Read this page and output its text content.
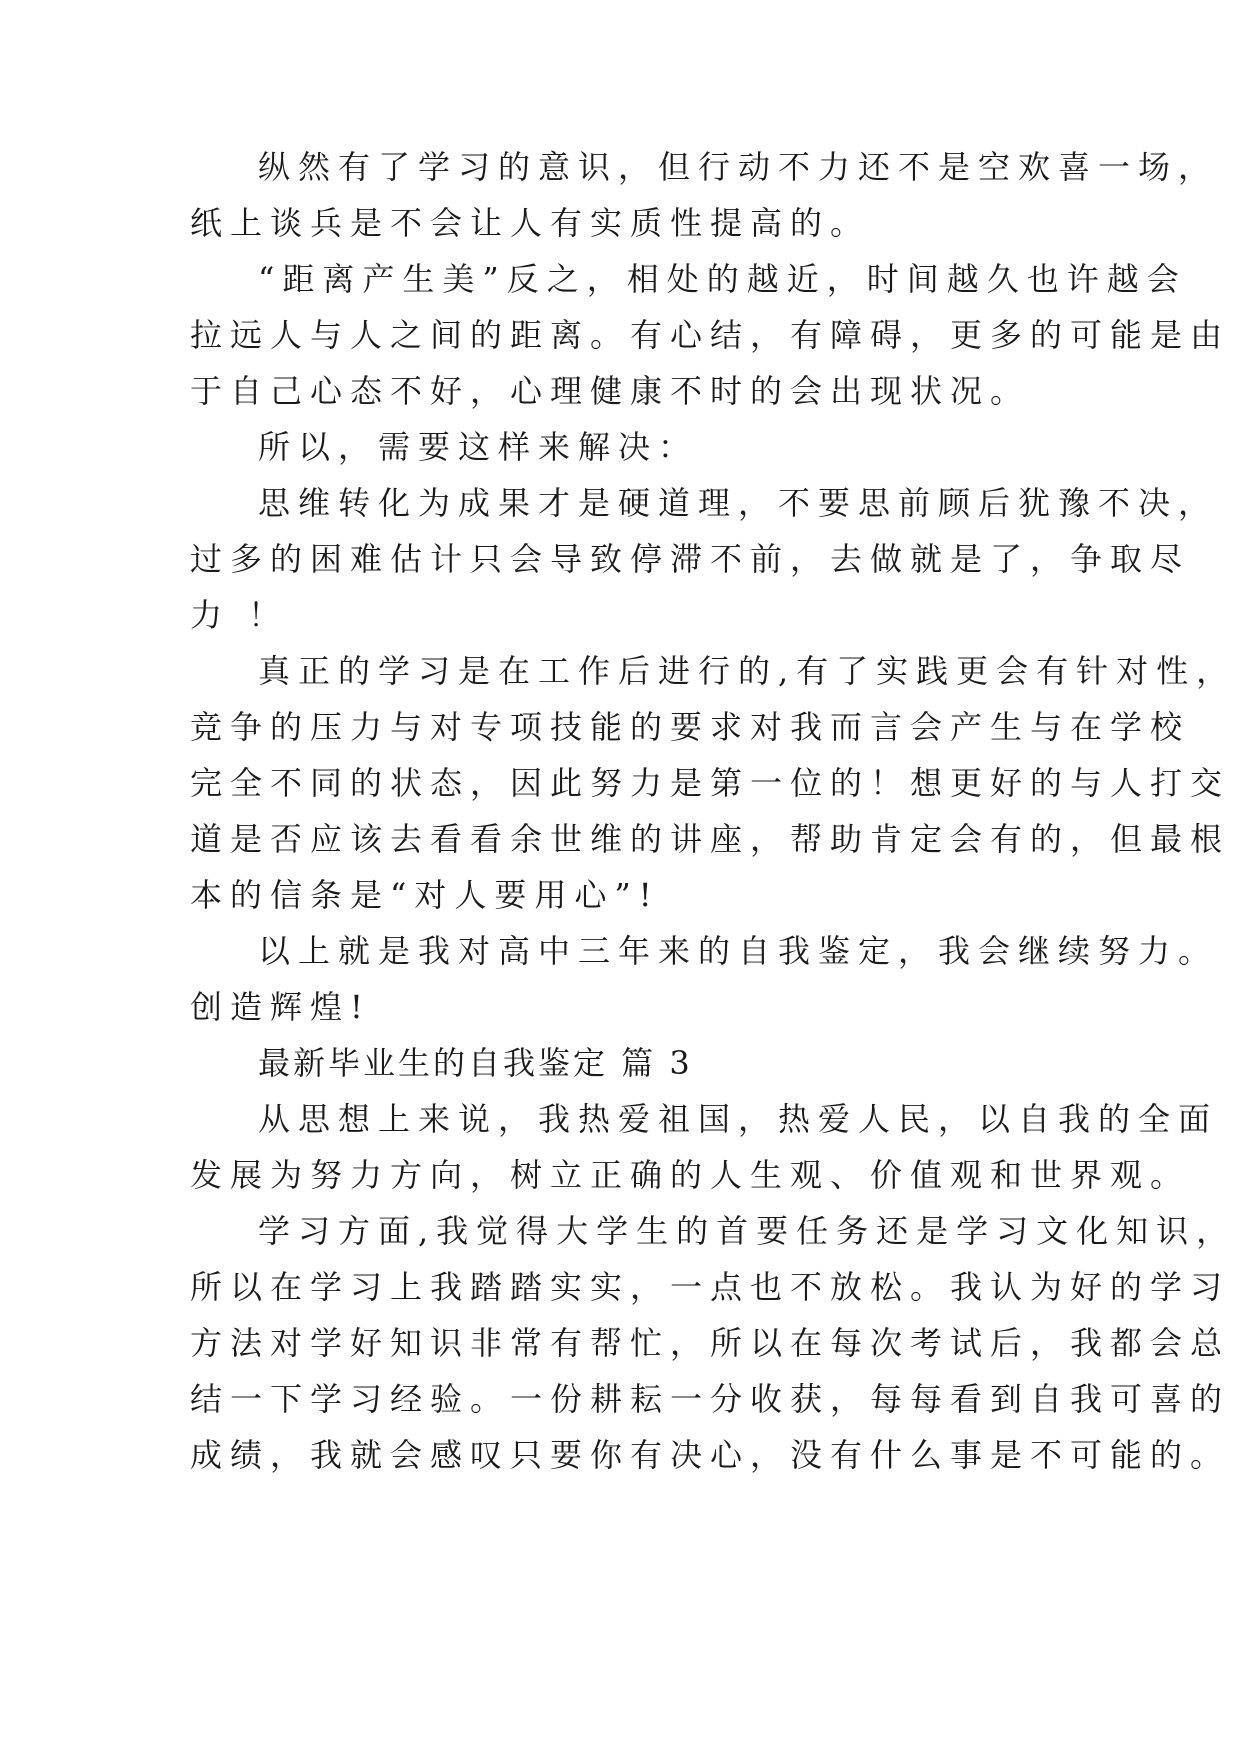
纵然有了学习的意识，但行动不力还不是空欢喜一场，
纸上谈兵是不会让人有实质性提高的。
“距离产生美”反之，相处的越近，时间越久也许越会
拉远人与人之间的距离。有心结，有障碍，更多的可能是由
于自己心态不好，心理健康不时的会出现状况。
所以，需要这样来解决：
思维转化为成果才是硬道理，不要思前顾后犹豫不决，
过多的困难估计只会导致停滞不前，去做就是了，争取尽
力 ！
真正的学习是在工作后进行的,有了实践更会有针对性，
竞争的压力与对专项技能的要求对我而言会产生与在学校
完全不同的状态，因此努力是第一位的！想更好的与人打交
道是否应该去看看余世维的讲座，帮助肯定会有的，但最根
本的信条是“对人要用心”!
以上就是我对高中三年来的自我鉴定，我会继续努力。
创造辉煌!
最新毕业生的自我鉴定 篇 3
从思想上来说，我热爱祖国，热爱人民，以自我的全面
发展为努力方向，树立正确的人生观、价值观和世界观。
学习方面,我觉得大学生的首要任务还是学习文化知识，
所以在学习上我踏踏实实，一点也不放松。我认为好的学习
方法对学好知识非常有帮忙，所以在每次考试后，我都会总
结一下学习经验。一份耕耘一分收获，每每看到自我可喜的
成绩，我就会感叹只要你有决心，没有什么事是不可能的。
